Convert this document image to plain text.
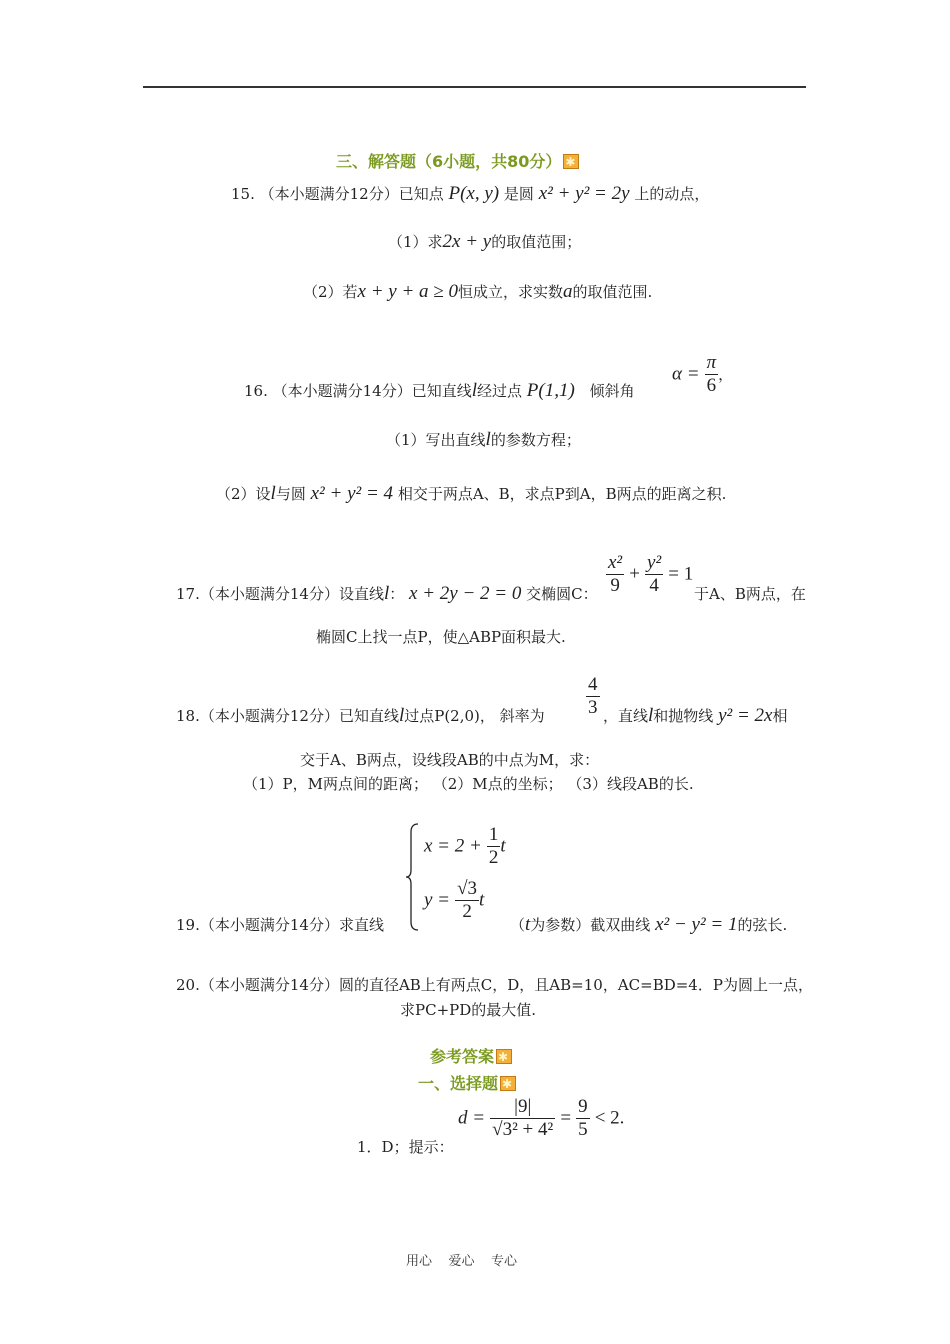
三、解答题（6小题，共80分）✱
15. （本小题满分12分）已知点 P(x, y) 是圆 x² + y² = 2y 上的动点，
（1）求2x + y的取值范围；
（2）若x + y + a ≥ 0恒成立，求实数a的取值范围.
16. （本小题满分14分）已知直线l经过点 P(1,1) 倾斜角
$\alpha = \frac{\pi}{6}$ ，
（1）写出直线l的参数方程；
（2）设l与圆 x² + y² = 4 相交于两点A、B，求点P到A，B两点的距离之积.
17.（本小题满分14分）设直线l： x + 2y − 2 = 0 交椭圆C： $\frac{\text{x²}}{9} + \frac{\text{y²}}{4} = 1$
于A、B两点，在
椭圆C上找一点P，使△ABP面积最大.
18.（本小题满分12分）已知直线l过点P(2,0)， 斜率为 $\frac{4}{3}$ ，直线l和抛物线 y² = 2x相
交于A、B两点，设线段AB的中点为M，求：
（1）P，M两点间的距离； （2）M点的坐标； （3）线段AB的长.
$x = 2 + \frac{1}{2}$ t
$y = \frac{√3}{2}$ t
19.（本小题满分14分）求直线	（t为参数）截双曲线 x² − y² = 1的弦长.
20.（本小题满分14分）圆的直径AB上有两点C，D，且AB=10，AC=BD=4．P为圆上一点，
求PC+PD的最大值.
参考答案✱
一、选择题✱
1．D；提示：
$d = \frac{|9|}{\text{√3² + 4²}} = \frac{9}{5} < 2$.
用心    爱心    专心
